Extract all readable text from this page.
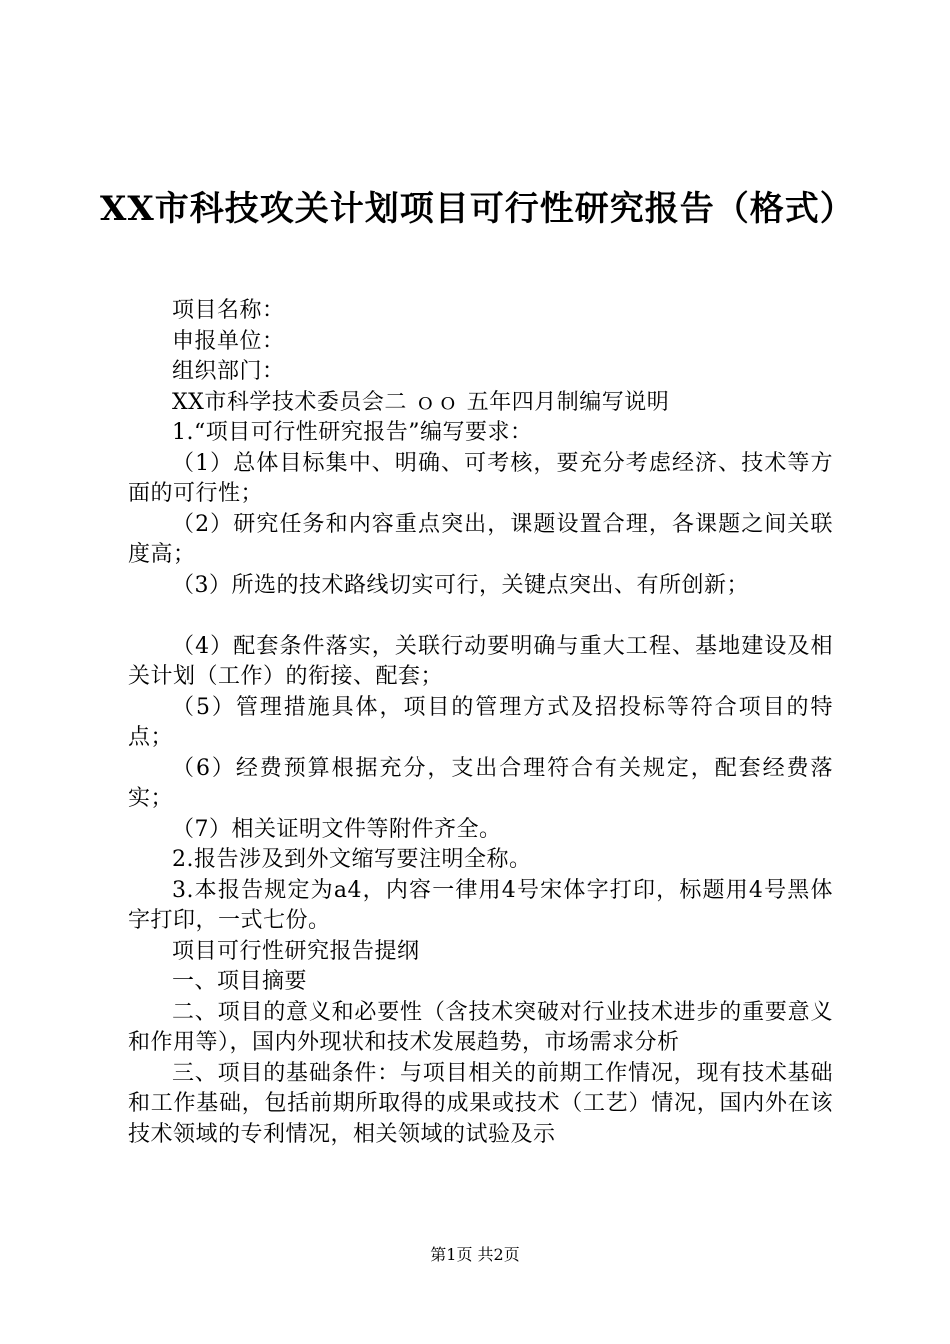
XX市科技攻关计划项目可行性研究报告（格式）

项目名称：

申报单位：

组织部门：

XX市科学技术委员会二 ｏｏ 五年四月制编写说明

1.“项目可行性研究报告”编写要求：

（1）总体目标集中、明确、可考核，要充分考虑经济、技术等方面的可行性；

（2）研究任务和内容重点突出，课题设置合理，各课题之间关联度高；

（3）所选的技术路线切实可行，关键点突出、有所创新；

（4）配套条件落实，关联行动要明确与重大工程、基地建设及相关计划（工作）的衔接、配套；

（5）管理措施具体，项目的管理方式及招投标等符合项目的特点；

（6）经费预算根据充分，支出合理符合有关规定，配套经费落实；

（7）相关证明文件等附件齐全。

2.报告涉及到外文缩写要注明全称。

3.本报告规定为a4，内容一律用4号宋体字打印，标题用4号黑体字打印，一式七份。

项目可行性研究报告提纲

一、项目摘要

二、项目的意义和必要性（含技术突破对行业技术进步的重要意义和作用等），国内外现状和技术发展趋势，市场需求分析

三、项目的基础条件：与项目相关的前期工作情况，现有技术基础和工作基础，包括前期所取得的成果或技术（工艺）情况，国内外在该技术领域的专利情况，相关领域的试验及示

第1页 共2页
